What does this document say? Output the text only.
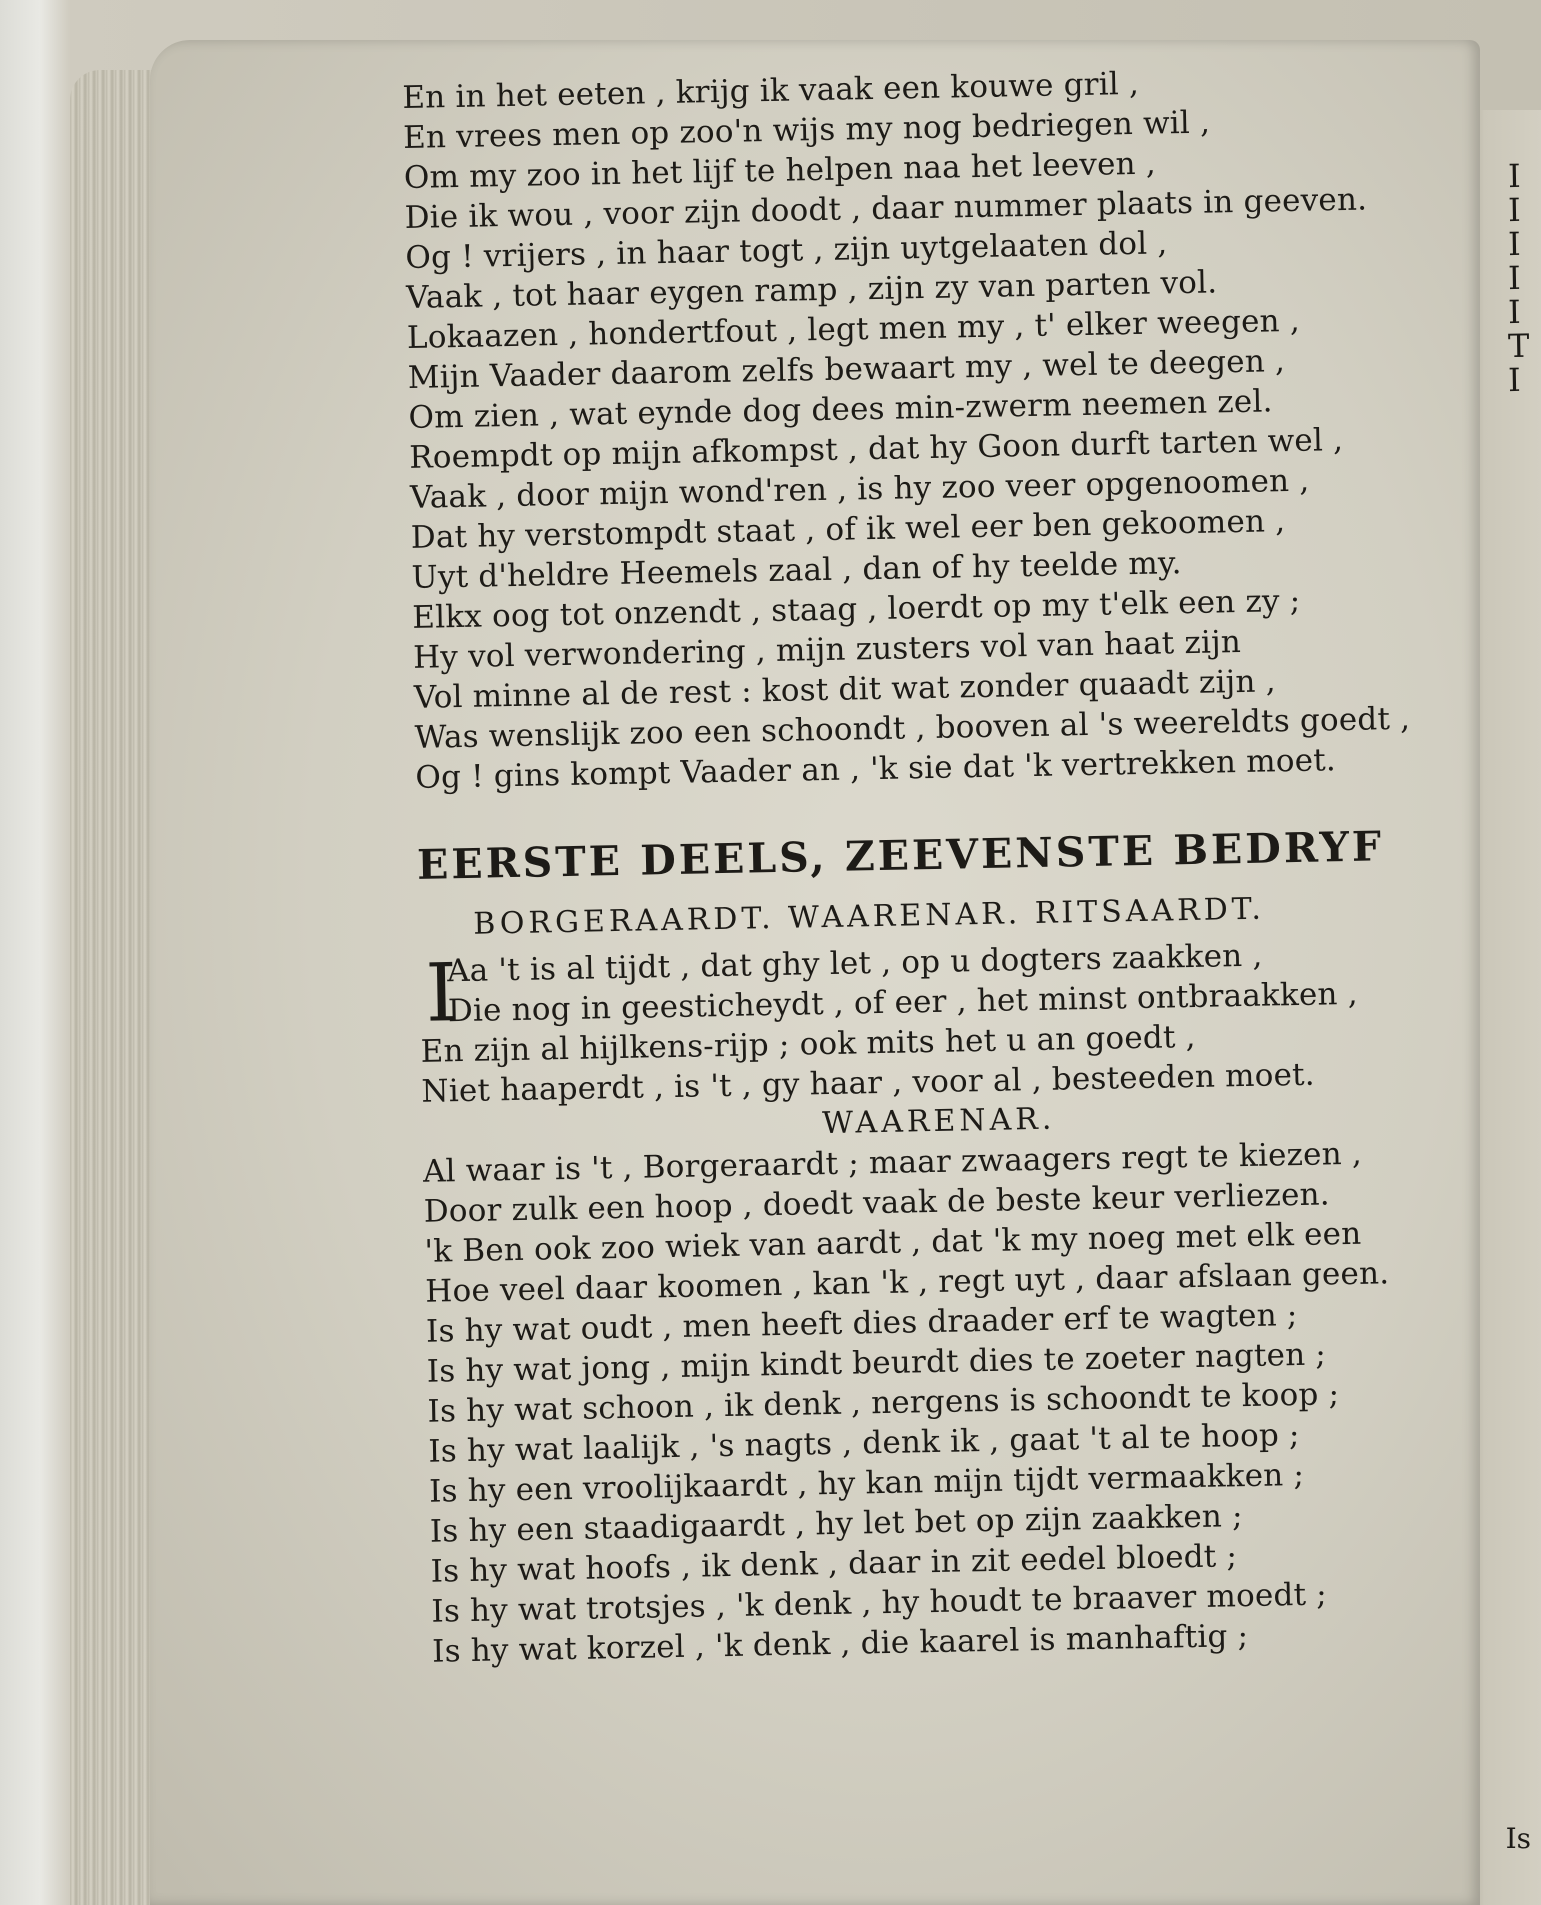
I
I
I
I
I
T
I
Is
En in het eeten , krijg ik vaak een kouwe gril ,
En vrees men op zoo'n wijs my nog bedriegen wil ,
Om my zoo in het lijf te helpen naa het leeven ,
Die ik wou , voor zijn doodt , daar nummer plaats in geeven.
Og ! vrijers , in haar togt , zijn uytgelaaten dol ,
Vaak , tot haar eygen ramp , zijn zy van parten vol.
Lokaazen , hondertfout , legt men my , t' elker weegen ,
Mijn Vaader daarom zelfs bewaart my , wel te deegen ,
Om zien , wat eynde dog dees min-zwerm neemen zel.
Roempdt op mijn afkompst , dat hy Goon durft tarten wel ,
Vaak , door mijn wond'ren , is hy zoo veer opgenoomen ,
Dat hy verstompdt staat , of ik wel eer ben gekoomen ,
Uyt d'heldre Heemels zaal , dan of hy teelde my.
Elkx oog tot onzendt , staag , loerdt op my t'elk een zy ;
Hy vol verwondering , mijn zusters vol van haat zijn
Vol minne al de rest : kost dit wat zonder quaadt zijn ,
Was wenslijk zoo een schoondt , booven al 's weereldts goedt ,
Og ! gins kompt Vaader an , 'k sie dat 'k vertrekken moet.
EERSTE DEELS, ZEEVENSTE BEDRYF
BORGERAARDT. WAARENAR. RITSAARDT.
I
Aa 't is al tijdt , dat ghy let , op u dogters zaakken ,
Die nog in geesticheydt , of eer , het minst ontbraakken ,
En zijn al hijlkens-rijp ; ook mits het u an goedt ,
Niet haaperdt , is 't , gy haar , voor al , besteeden moet.
WAARENAR.
Al waar is 't , Borgeraardt ; maar zwaagers regt te kiezen ,
Door zulk een hoop , doedt vaak de beste keur verliezen.
'k Ben ook zoo wiek van aardt , dat 'k my noeg met elk een
Hoe veel daar koomen , kan 'k , regt uyt , daar afslaan geen.
Is hy wat oudt , men heeft dies draader erf te wagten ;
Is hy wat jong , mijn kindt beurdt dies te zoeter nagten ;
Is hy wat schoon , ik denk , nergens is schoondt te koop ;
Is hy wat laalijk , 's nagts , denk ik , gaat 't al te hoop ;
Is hy een vroolijkaardt , hy kan mijn tijdt vermaakken ;
Is hy een staadigaardt , hy let bet op zijn zaakken ;
Is hy wat hoofs , ik denk , daar in zit eedel bloedt ;
Is hy wat trotsjes , 'k denk , hy houdt te braaver moedt ;
Is hy wat korzel , 'k denk , die kaarel is manhaftig ;
